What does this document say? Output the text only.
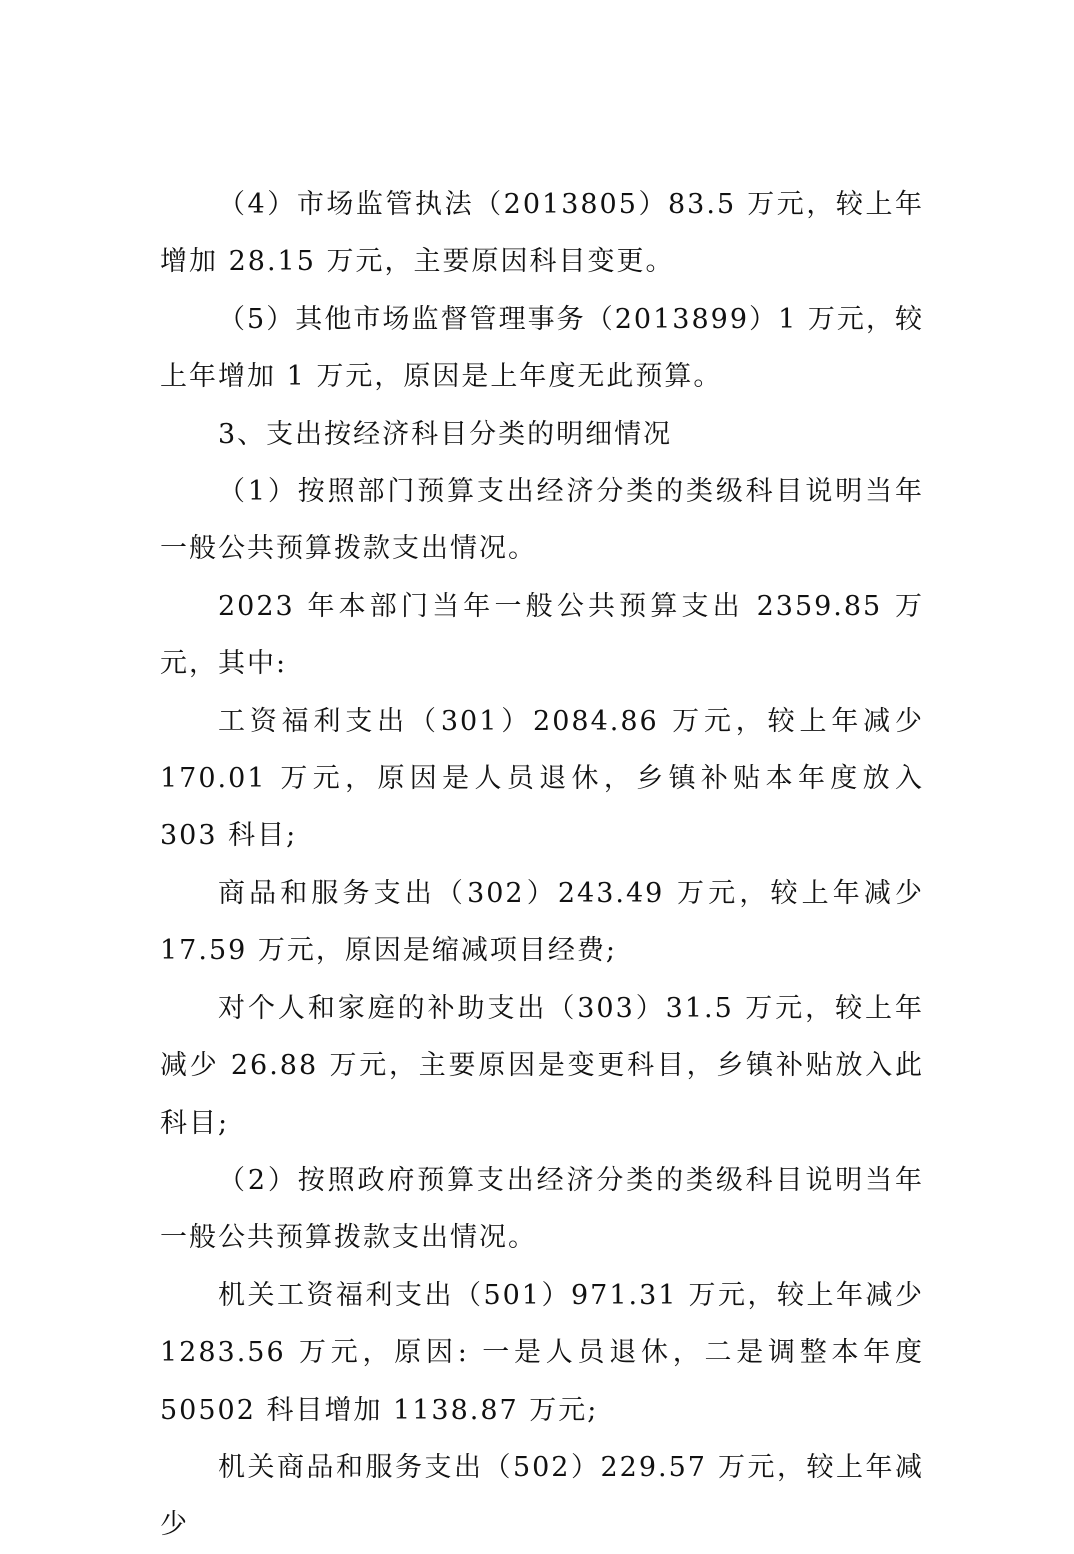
（4）市场监管执法（2013805）83.5 万元，较上年增加 28.15 万元，主要原因科目变更。

（5）其他市场监督管理事务（2013899）1 万元，较上年增加 1 万元，原因是上年度无此预算。

3、支出按经济科目分类的明细情况

（1）按照部门预算支出经济分类的类级科目说明当年一般公共预算拨款支出情况。

2023 年本部门当年一般公共预算支出 2359.85 万元，其中:

工资福利支出（301）2084.86 万元，较上年减少 170.01 万元，原因是人员退休，乡镇补贴本年度放入 303 科目;

商品和服务支出（302）243.49 万元，较上年减少 17.59 万元，原因是缩减项目经费;

对个人和家庭的补助支出（303）31.5 万元，较上年减少 26.88 万元，主要原因是变更科目，乡镇补贴放入此科目;

（2）按照政府预算支出经济分类的类级科目说明当年一般公共预算拨款支出情况。

机关工资福利支出（501）971.31 万元，较上年减少 1283.56 万元，原因: 一是人员退休，二是调整本年度 50502 科目增加 1138.87 万元;

机关商品和服务支出（502）229.57 万元，较上年减少
